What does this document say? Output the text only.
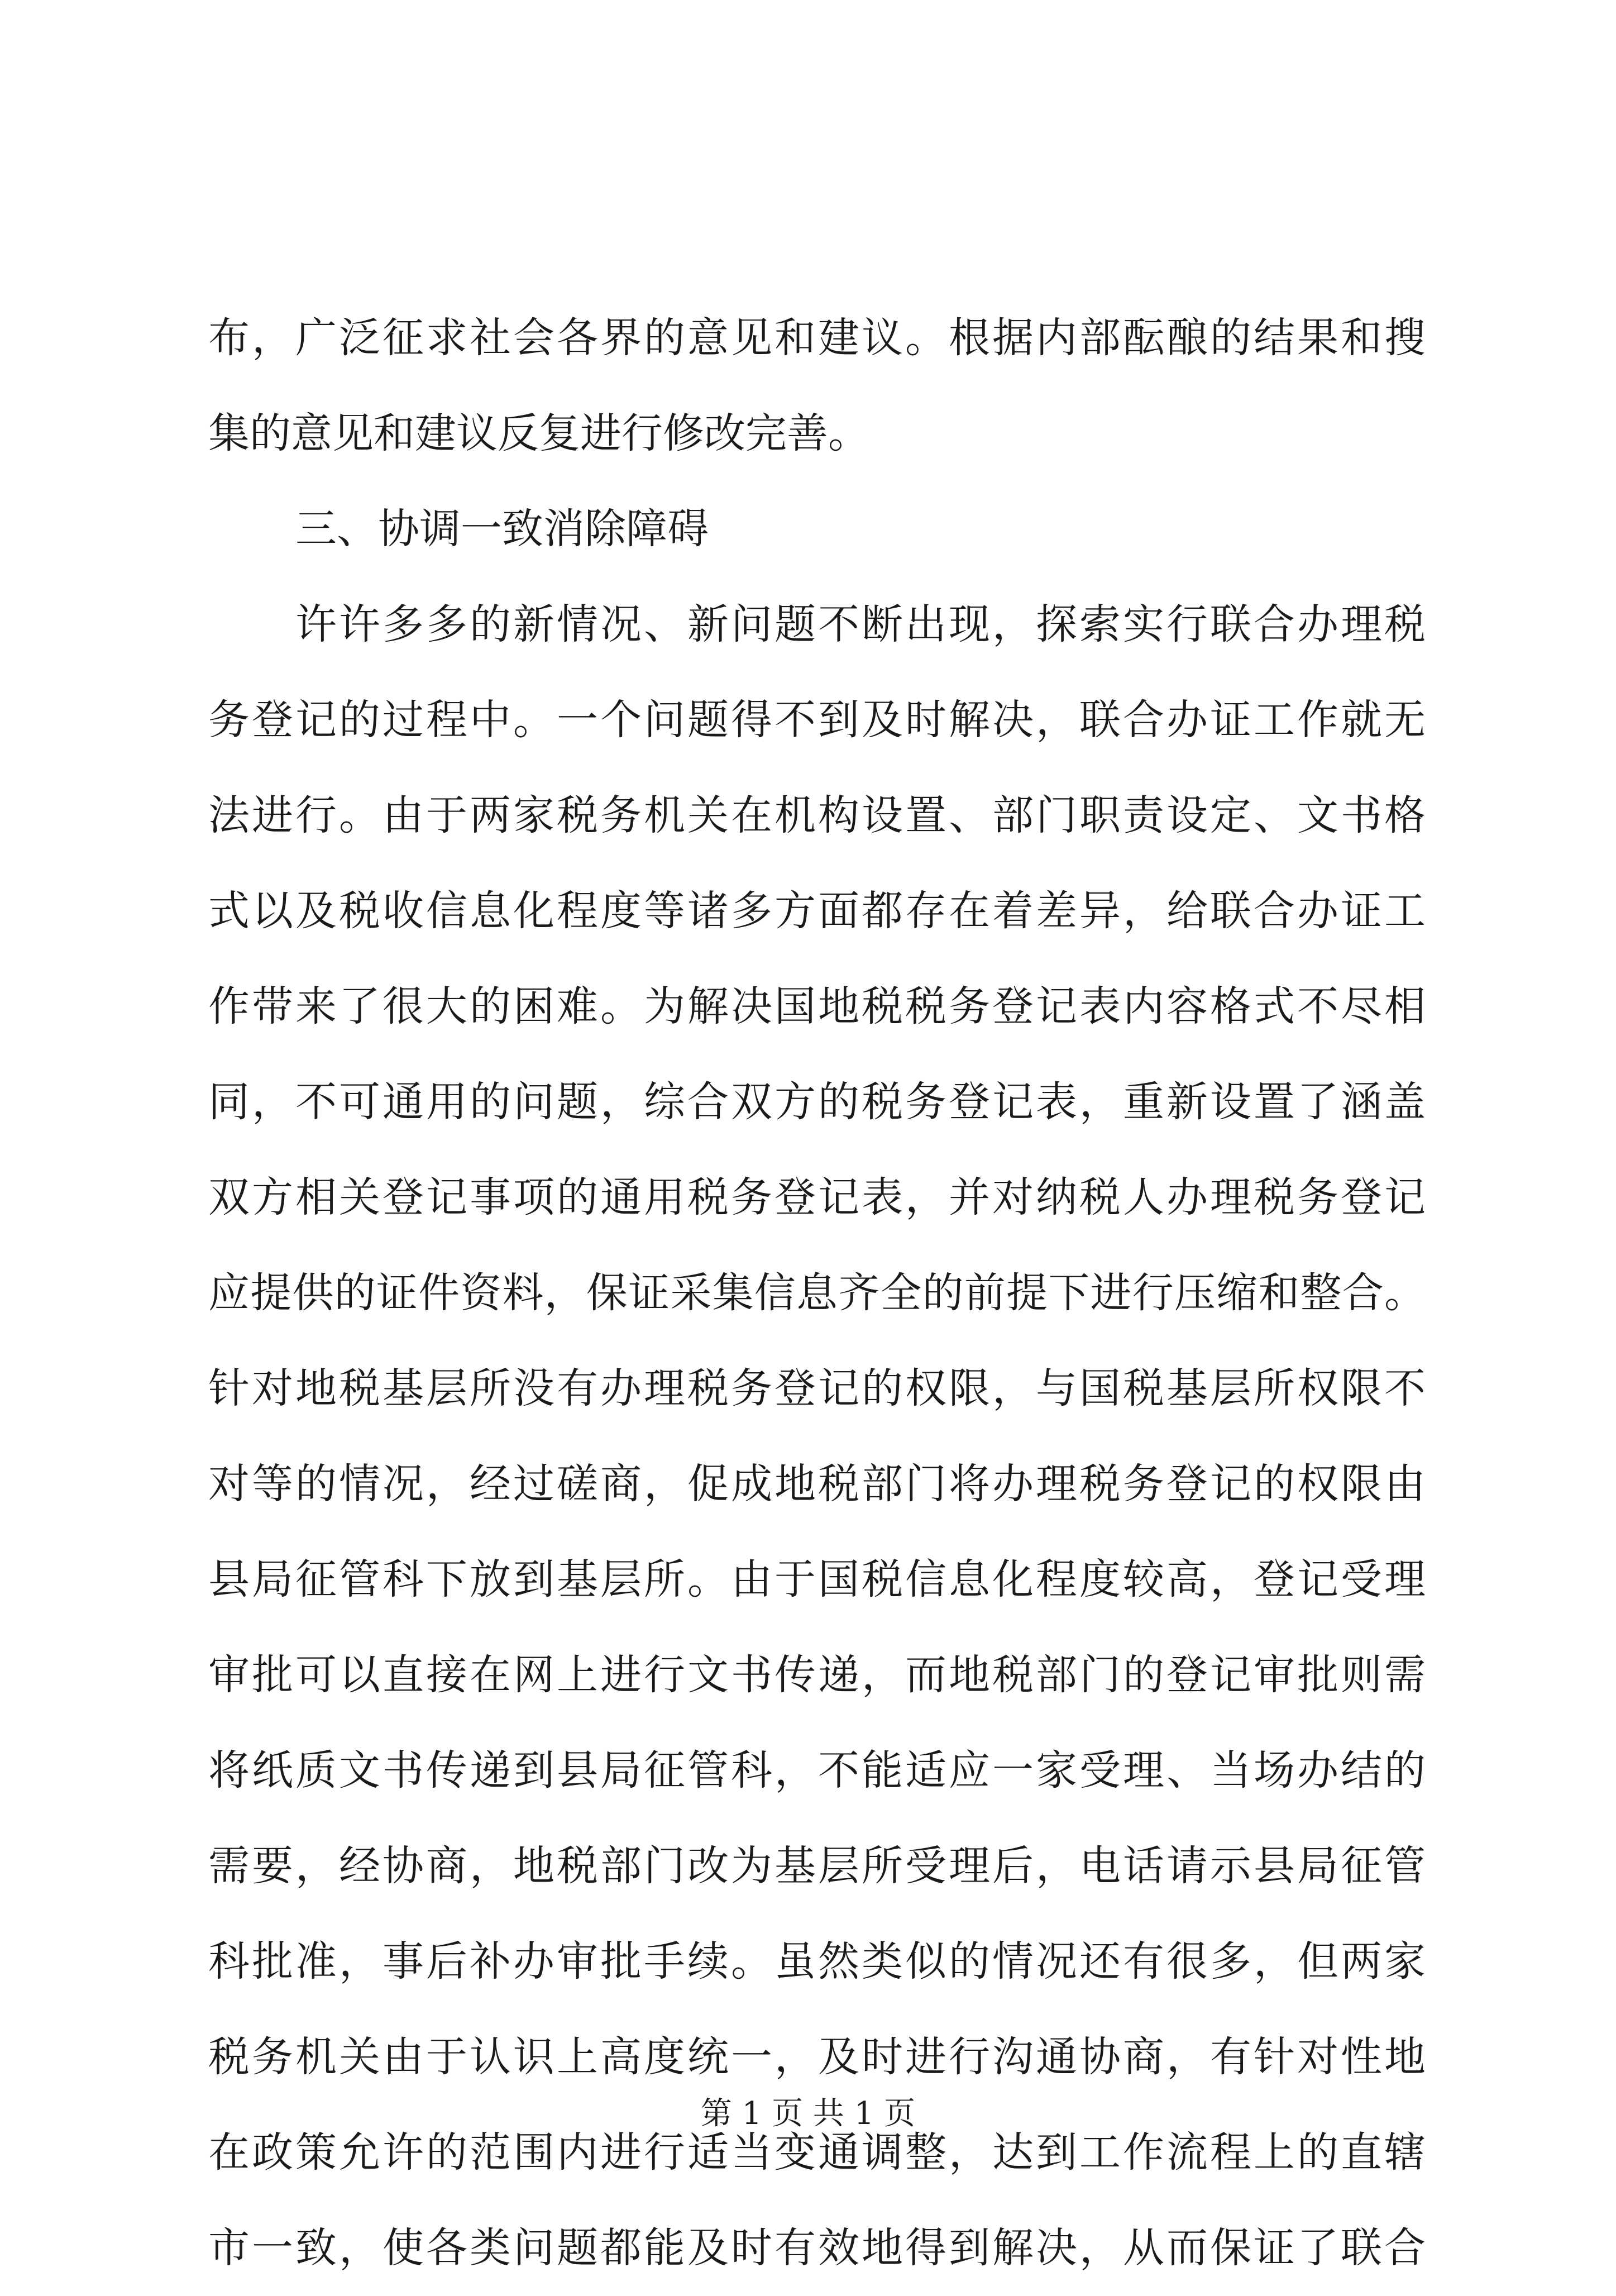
布，广泛征求社会各界的意见和建议。根据内部酝酿的结果和搜
集的意见和建议反复进行修改完善。
三、协调一致消除障碍
许许多多的新情况、新问题不断出现，探索实行联合办理税
务登记的过程中。一个问题得不到及时解决，联合办证工作就无
法进行。由于两家税务机关在机构设置、部门职责设定、文书格
式以及税收信息化程度等诸多方面都存在着差异，给联合办证工
作带来了很大的困难。为解决国地税税务登记表内容格式不尽相
同，不可通用的问题，综合双方的税务登记表，重新设置了涵盖
双方相关登记事项的通用税务登记表，并对纳税人办理税务登记
应提供的证件资料，保证采集信息齐全的前提下进行压缩和整合。
针对地税基层所没有办理税务登记的权限，与国税基层所权限不
对等的情况，经过磋商，促成地税部门将办理税务登记的权限由
县局征管科下放到基层所。由于国税信息化程度较高，登记受理
审批可以直接在网上进行文书传递，而地税部门的登记审批则需
将纸质文书传递到县局征管科，不能适应一家受理、当场办结的
需要，经协商，地税部门改为基层所受理后，电话请示县局征管
科批准，事后补办审批手续。虽然类似的情况还有很多，但两家
税务机关由于认识上高度统一，及时进行沟通协商，有针对性地
在政策允许的范围内进行适当变通调整，达到工作流程上的直辖
市一致，使各类问题都能及时有效地得到解决，从而保证了联合
第 1 页 共 1 页
